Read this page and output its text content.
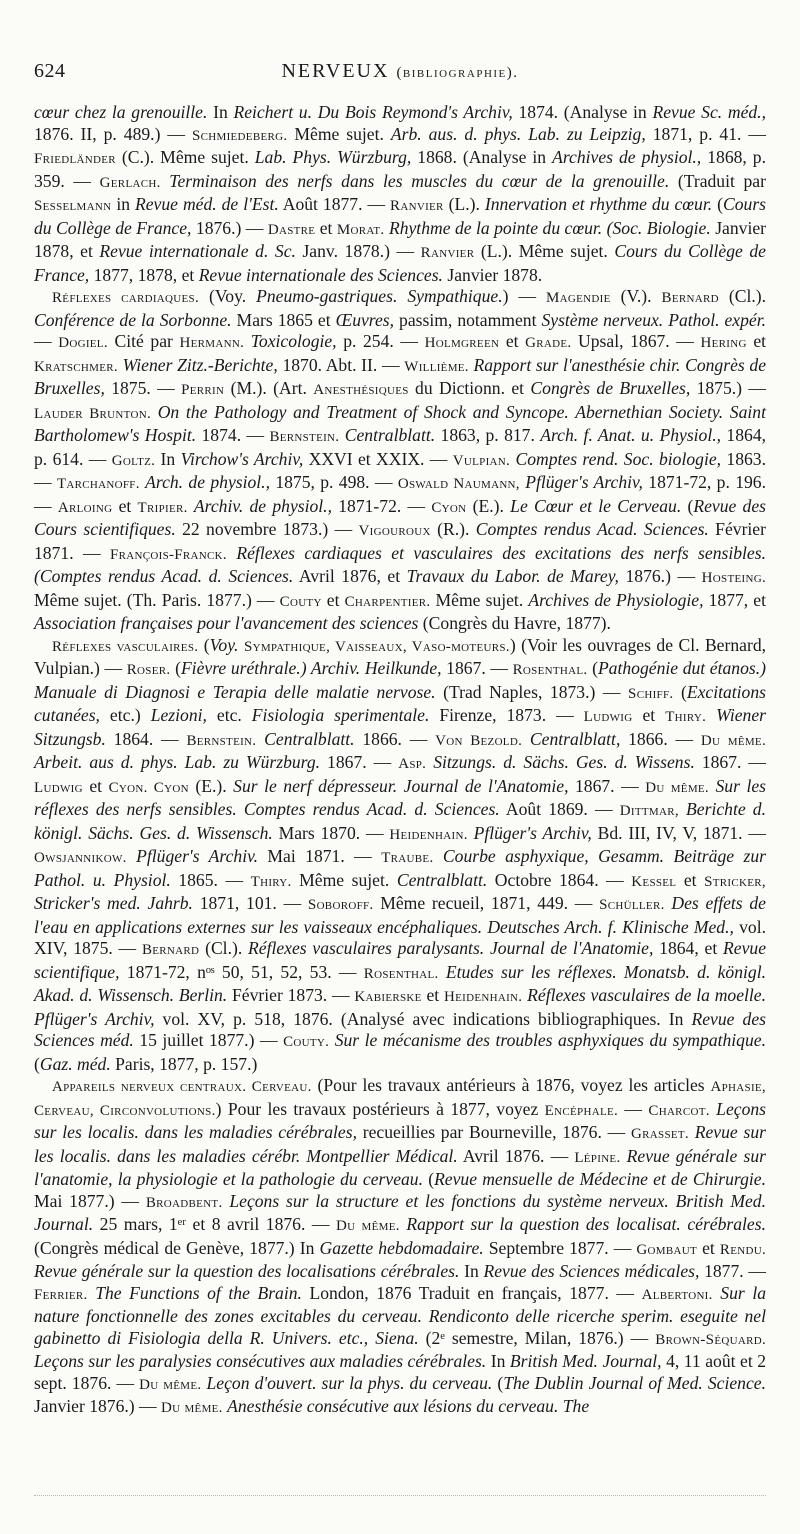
624	NERVEUX (bibliographie).

cœur chez la grenouille. In Reichert u. Du Bois Reymond's Archiv, 1874. (Analyse in Revue Sc. méd., 1876. II, p. 489.) — Schmiedeberg. Même sujet. Arb. aus. d. phys. Lab. zu Leipzig, 1871, p. 41. — Friedländer (C.). Même sujet. Lab. Phys. Würzburg, 1868. (Analyse in Archives de physiol., 1868, p. 359. — Gerlach. Terminaison des nerfs dans les muscles du cœur de la grenouille. (Traduit par Sesselmann in Revue méd. de l'Est. Août 1877. — Ranvier (L.). Innervation et rhythme du cœur. (Cours du Collège de France, 1876.) — Dastre et Morat. Rhythme de la pointe du cœur. (Soc. Biologie. Janvier 1878, et Revue internationale d. Sc. Janv. 1878.) — Ranvier (L.). Même sujet. Cours du Collège de France, 1877, 1878, et Revue internationale des Sciences. Janvier 1878.

Réflexes cardiaques. (Voy. Pneumo-gastriques. Sympathique.) — Magendie (V.). Bernard (Cl.). Conférence de la Sorbonne. Mars 1865 et Œuvres, passim, notamment Système nerveux. Pathol. expér. — Dogiel. Cité par Hermann. Toxicologie, p. 254. — Holmgreen et Grade. Upsal, 1867. — Hering et Kratschmer. Wiener Zitz.-Berichte, 1870. Abt. II. — Willième. Rapport sur l'anesthésie chir. Congrès de Bruxelles, 1875. — Perrin (M.). (Art. Anesthésiques du Dictionn. et Congrès de Bruxelles, 1875.) — Lauder Brunton. On the Pathology and Treatment of Shock and Syncope. Abernethian Society. Saint Bartholomew's Hospit. 1874. — Bernstein. Centralblatt. 1863, p. 817. Arch. f. Anat. u. Physiol., 1864, p. 614. — Goltz. In Virchow's Archiv, XXVI et XXIX. — Vulpian. Comptes rend. Soc. biologie, 1863. — Tarchanoff. Arch. de physiol., 1875, p. 498. — Oswald Naumann, Pflüger's Archiv, 1871-72, p. 196. — Arloing et Tripier. Archiv. de physiol., 1871-72. — Cyon (E.). Le Cœur et le Cerveau. (Revue des Cours scientifiques. 22 novembre 1873.) — Vigouroux (R.). Comptes rendus Acad. Sciences. Février 1871. — François-Franck. Réflexes cardiaques et vasculaires des excitations des nerfs sensibles. (Comptes rendus Acad. d. Sciences. Avril 1876, et Travaux du Labor. de Marey, 1876.) — Hosteing. Même sujet. (Th. Paris. 1877.) — Couty et Charpentier. Même sujet. Archives de Physiologie, 1877, et Association françaises pour l'avancement des sciences (Congrès du Havre, 1877).

Réflexes vasculaires. (Voy. Sympathique, Vaisseaux, Vaso-moteurs.) (Voir les ouvrages de Cl. Bernard, Vulpian.) — Roser. (Fièvre uréthrale.) Archiv. Heilkunde, 1867. — Rosenthal. (Pathogénie dut étanos.) Manuale di Diagnosi e Terapia delle malatie nervose. (Trad Naples, 1873.) — Schiff. (Excitations cutanées, etc.) Lezioni, etc. Fisiologia sperimentale. Firenze, 1873. — Ludwig et Thiry. Wiener Sitzungsb. 1864. — Bernstein. Centralblatt. 1866. — Von Bezold. Centralblatt, 1866. — Du même. Arbeit. aus d. phys. Lab. zu Würzburg. 1867. — Asp. Sitzungs. d. Sächs. Ges. d. Wissens. 1867. — Ludwig et Cyon. Cyon (E.). Sur le nerf dépresseur. Journal de l'Anatomie, 1867. — Du même. Sur les réflexes des nerfs sensibles. Comptes rendus Acad. d. Sciences. Août 1869. — Dittmar, Berichte d. königl. Sächs. Ges. d. Wissensch. Mars 1870. — Heidenhain. Pflüger's Archiv, Bd. III, IV, V, 1871. — Owsjannikow. Pflüger's Archiv. Mai 1871. — Traube. Courbe asphyxique, Gesamm. Beiträge zur Pathol. u. Physiol. 1865. — Thiry. Même sujet. Centralblatt. Octobre 1864. — Kessel et Stricker, Stricker's med. Jahrb. 1871, 101. — Soboroff. Même recueil, 1871, 449. — Schüller. Des effets de l'eau en applications externes sur les vaisseaux encéphaliques. Deutsches Arch. f. Klinische Med., vol. XIV, 1875. — Bernard (Cl.). Réflexes vasculaires paralysants. Journal de l'Anatomie, 1864, et Revue scientifique, 1871-72, nᵒˢ 50, 51, 52, 53. — Rosenthal. Etudes sur les réflexes. Monatsb. d. königl. Akad. d. Wissensch. Berlin. Février 1873. — Kabierske et Heidenhain. Réflexes vasculaires de la moelle. Pflüger's Archiv, vol. XV, p. 518, 1876. (Analysé avec indications bibliographiques. In Revue des Sciences méd. 15 juillet 1877.) — Couty. Sur le mécanisme des troubles asphyxiques du sympathique. (Gaz. méd. Paris, 1877, p. 157.)

Appareils nerveux centraux. Cerveau. (Pour les travaux antérieurs à 1876, voyez les articles Aphasie, Cerveau, Circonvolutions.) Pour les travaux postérieurs à 1877, voyez Encéphale. — Charcot. Leçons sur les localis. dans les maladies cérébrales, recueillies par Bourneville, 1876. — Grasset. Revue sur les localis. dans les maladies cérébr. Montpellier Médical. Avril 1876. — Lépine. Revue générale sur l'anatomie, la physiologie et la pathologie du cerveau. (Revue mensuelle de Médecine et de Chirurgie. Mai 1877.) — Broadbent. Leçons sur la structure et les fonctions du système nerveux. British Med. Journal. 25 mars, 1ᵉʳ et 8 avril 1876. — Du même. Rapport sur la question des localisat. cérébrales. (Congrès médical de Genève, 1877.) In Gazette hebdomadaire. Septembre 1877. — Gombaut et Rendu. Revue générale sur la question des localisations cérébrales. In Revue des Sciences médicales, 1877. — Ferrier. The Functions of the Brain. London, 1876 Traduit en français, 1877. — Albertoni. Sur la nature fonctionnelle des zones excitables du cerveau. Rendiconto delle ricerche sperim. eseguite nel gabinetto di Fisiologia della R. Univers. etc., Siena. (2ᵉ semestre, Milan, 1876.) — Brown-Séquard. Leçons sur les paralysies consécutives aux maladies cérébrales. In British Med. Journal, 4, 11 août et 2 sept. 1876. — Du même. Leçon d'ouvert. sur la phys. du cerveau. (The Dublin Journal of Med. Science. Janvier 1876.) — Du même. Anesthésie consécutive aux lésions du cerveau. The
